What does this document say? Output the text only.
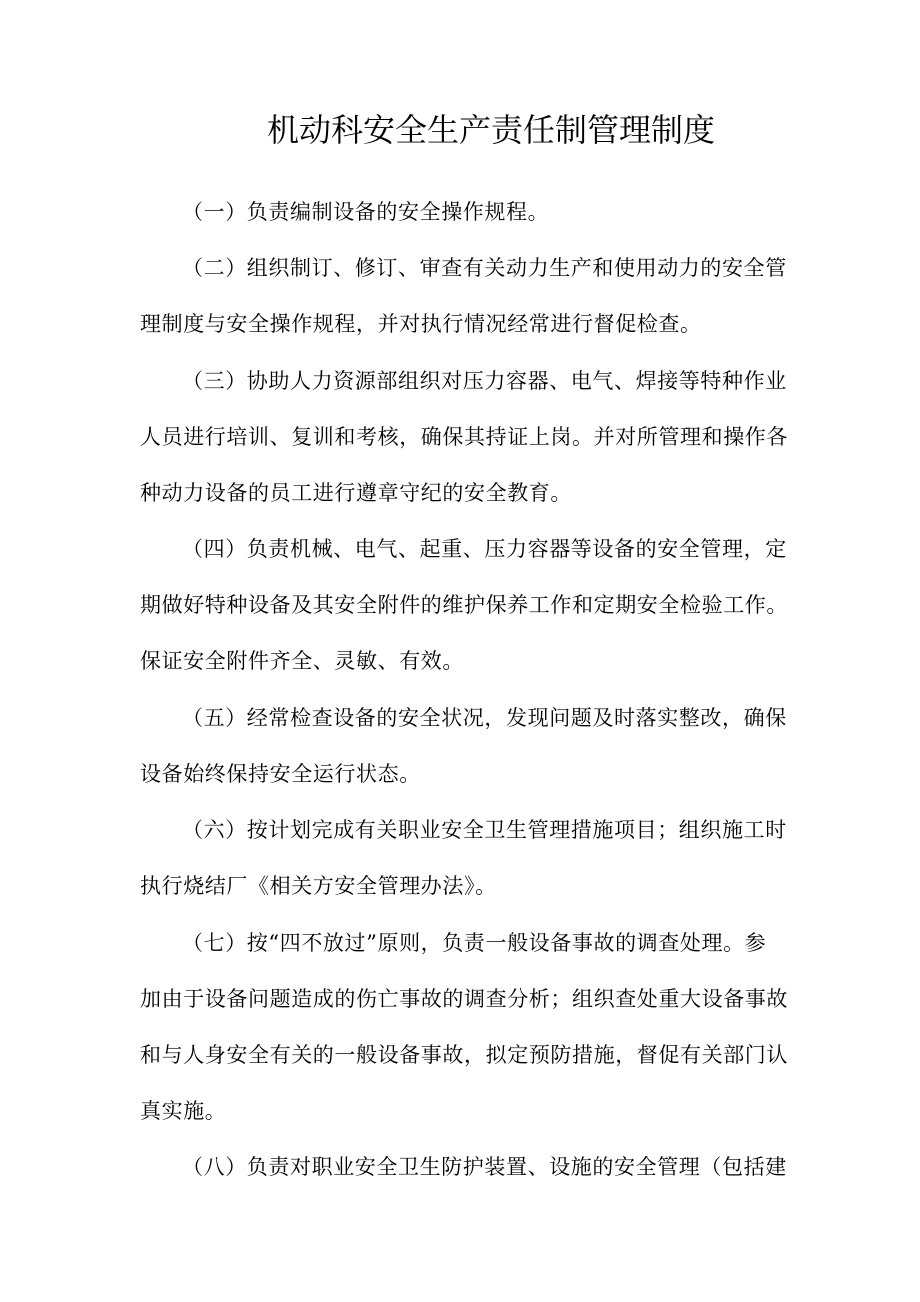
机动科安全生产责任制管理制度
（一）负责编制设备的安全操作规程。
（二）组织制订、修订、审查有关动力生产和使用动力的安全管
理制度与安全操作规程，并对执行情况经常进行督促检查。
（三）协助人力资源部组织对压力容器、电气、焊接等特种作业
人员进行培训、复训和考核，确保其持证上岗。并对所管理和操作各
种动力设备的员工进行遵章守纪的安全教育。
（四）负责机械、电气、起重、压力容器等设备的安全管理，定
期做好特种设备及其安全附件的维护保养工作和定期安全检验工作。
保证安全附件齐全、灵敏、有效。
（五）经常检查设备的安全状况，发现问题及时落实整改，确保
设备始终保持安全运行状态。
（六）按计划完成有关职业安全卫生管理措施项目；组织施工时
执行烧结厂《相关方安全管理办法》。
（七）按“四不放过”原则，负责一般设备事故的调查处理。参
加由于设备问题造成的伤亡事故的调查分析；组织查处重大设备事故
和与人身安全有关的一般设备事故，拟定预防措施，督促有关部门认
真实施。
（八）负责对职业安全卫生防护装置、设施的安全管理（包括建
